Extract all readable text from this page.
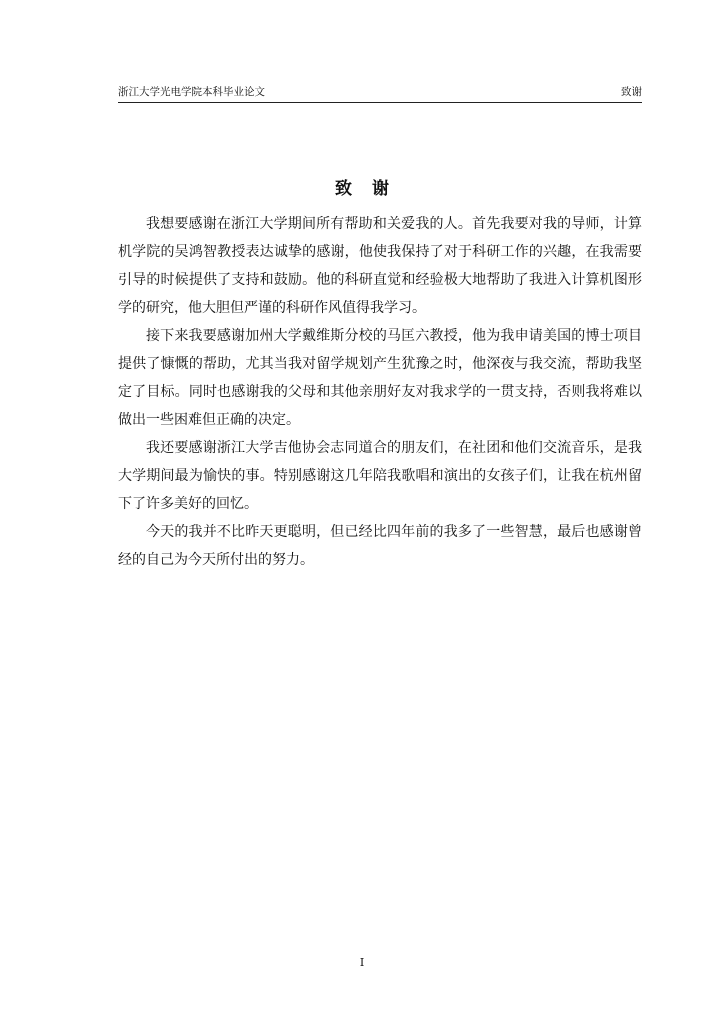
浙江大学光电学院本科毕业论文	致谢
致谢

我想要感谢在浙江大学期间所有帮助和关爱我的人。首先我要对我的导师，计算机学院的吴鸿智教授表达诚挚的感谢，他使我保持了对于科研工作的兴趣，在我需要引导的时候提供了支持和鼓励。他的科研直觉和经验极大地帮助了我进入计算机图形学的研究，他大胆但严谨的科研作风值得我学习。

接下来我要感谢加州大学戴维斯分校的马匡六教授，他为我申请美国的博士项目提供了慷慨的帮助，尤其当我对留学规划产生犹豫之时，他深夜与我交流，帮助我坚定了目标。同时也感谢我的父母和其他亲朋好友对我求学的一贯支持，否则我将难以做出一些困难但正确的决定。

我还要感谢浙江大学吉他协会志同道合的朋友们，在社团和他们交流音乐，是我大学期间最为愉快的事。特别感谢这几年陪我歌唱和演出的女孩子们，让我在杭州留下了许多美好的回忆。

今天的我并不比昨天更聪明，但已经比四年前的我多了一些智慧，最后也感谢曾经的自己为今天所付出的努力。

I
